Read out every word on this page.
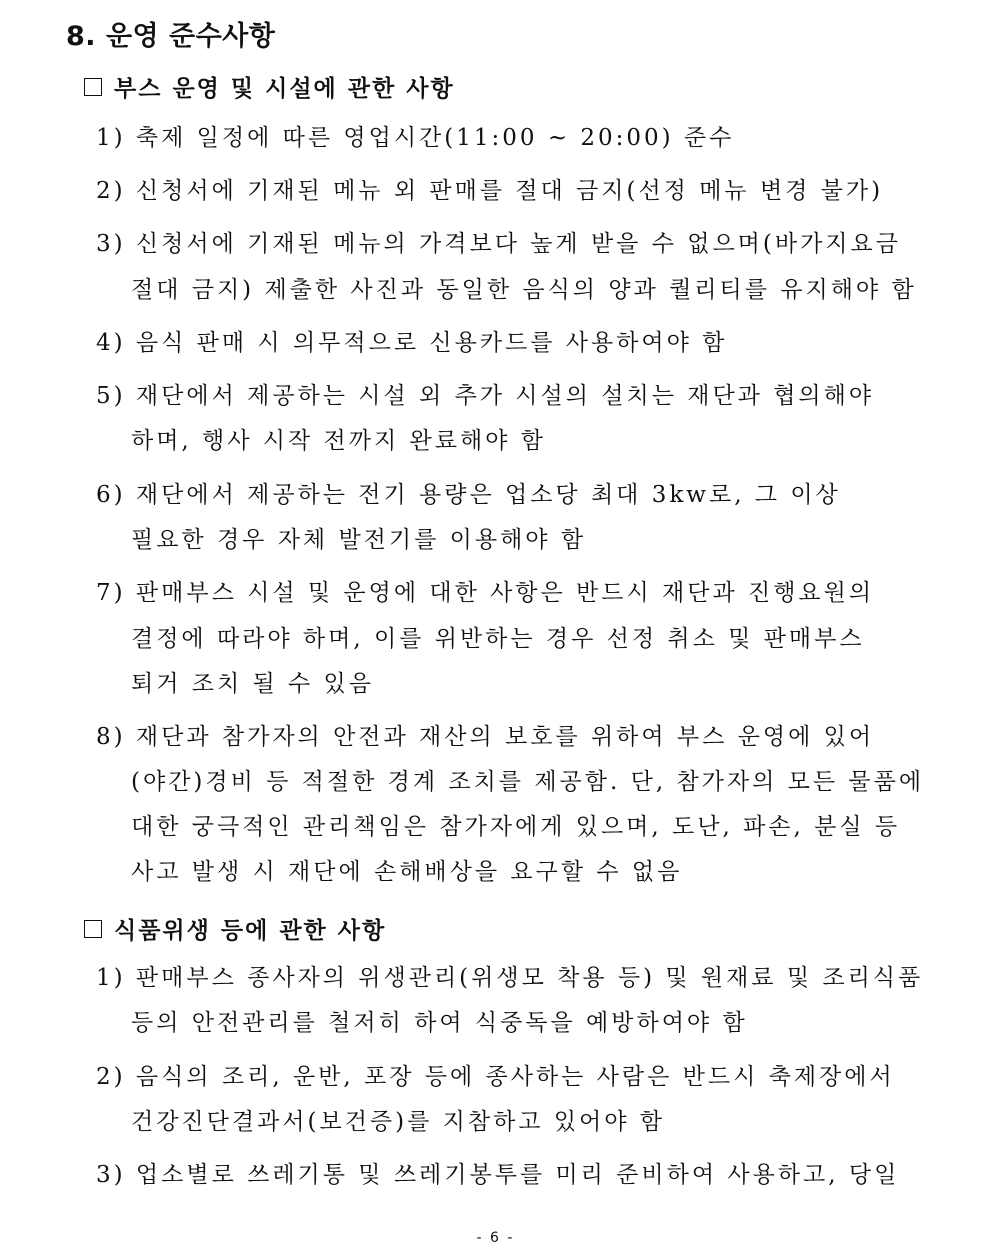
8. 운영 준수사항
부스 운영 및 시설에 관한 사항
1) 축제 일정에 따른 영업시간(11:00 ~ 20:00) 준수
2) 신청서에 기재된 메뉴 외 판매를 절대 금지(선정 메뉴 변경 불가)
3) 신청서에 기재된 메뉴의 가격보다 높게 받을 수 없으며(바가지요금
절대 금지) 제출한 사진과 동일한 음식의 양과 퀄리티를 유지해야 함
4) 음식 판매 시 의무적으로 신용카드를 사용하여야 함
5) 재단에서 제공하는 시설 외 추가 시설의 설치는 재단과 협의해야
하며, 행사 시작 전까지 완료해야 함
6) 재단에서 제공하는 전기 용량은 업소당 최대 3kw로, 그 이상
필요한 경우 자체 발전기를 이용해야 함
7) 판매부스 시설 및 운영에 대한 사항은 반드시 재단과 진행요원의
결정에 따라야 하며, 이를 위반하는 경우 선정 취소 및 판매부스
퇴거 조치 될 수 있음
8) 재단과 참가자의 안전과 재산의 보호를 위하여 부스 운영에 있어
(야간)경비 등 적절한 경계 조치를 제공함. 단, 참가자의 모든 물품에
대한 궁극적인 관리책임은 참가자에게 있으며, 도난, 파손, 분실 등
사고 발생 시 재단에 손해배상을 요구할 수 없음
식품위생 등에 관한 사항
1) 판매부스 종사자의 위생관리(위생모 착용 등) 및 원재료 및 조리식품
등의 안전관리를 철저히 하여 식중독을 예방하여야 함
2) 음식의 조리, 운반, 포장 등에 종사하는 사람은 반드시 축제장에서
건강진단결과서(보건증)를 지참하고 있어야 함
3) 업소별로 쓰레기통 및 쓰레기봉투를 미리 준비하여 사용하고, 당일
- 6 -
